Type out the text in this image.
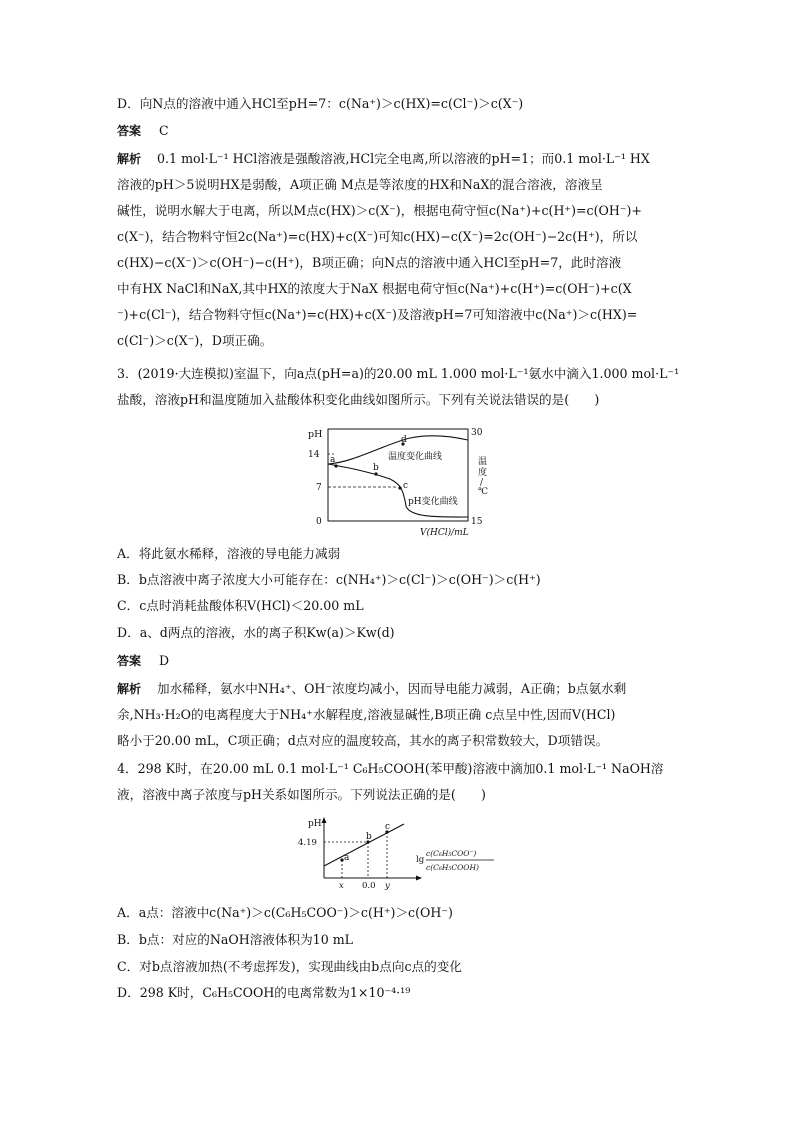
D．向N点的溶液中通入HCl至pH=7：c(Na⁺)＞c(HX)=c(Cl⁻)＞c(X⁻)
答案 C
解析 0.1 mol·L⁻¹ HCl溶液是强酸溶液,HCl完全电离,所以溶液的pH=1；而0.1 mol·L⁻¹ HX
溶液的pH＞5说明HX是弱酸，A项正确 M点是等浓度的HX和NaX的混合溶液，溶液呈
碱性，说明水解大于电离，所以M点c(HX)＞c(X⁻)，根据电荷守恒c(Na⁺)+c(H⁺)=c(OH⁻)+
c(X⁻)，结合物料守恒2c(Na⁺)=c(HX)+c(X⁻)可知c(HX)−c(X⁻)=2c(OH⁻)−2c(H⁺)，所以
c(HX)−c(X⁻)＞c(OH⁻)−c(H⁺)，B项正确；向N点的溶液中通入HCl至pH=7，此时溶液
中有HX NaCl和NaX,其中HX的浓度大于NaX 根据电荷守恒c(Na⁺)+c(H⁺)=c(OH⁻)+c(X
⁻)+c(Cl⁻)，结合物料守恒c(Na⁺)=c(HX)+c(X⁻)及溶液pH=7可知溶液中c(Na⁺)＞c(HX)=
c(Cl⁻)＞c(X⁻)，D项正确。
3．(2019·大连模拟)室温下，向a点(pH=a)的20.00 mL 1.000 mol·L⁻¹氨水中滴入1.000 mol·L⁻¹
盐酸，溶液pH和温度随加入盐酸体积变化曲线如图所示。下列有关说法错误的是(　　)
pH
14
7
0
30
15
温
度
/
℃
V(HCl)/mL
a
b
c
d
温度变化曲线
pH变化曲线
A．将此氨水稀释，溶液的导电能力减弱
B．b点溶液中离子浓度大小可能存在：c(NH₄⁺)＞c(Cl⁻)＞c(OH⁻)＞c(H⁺)
C．c点时消耗盐酸体积V(HCl)＜20.00 mL
D．a、d两点的溶液，水的离子积Kw(a)＞Kw(d)
答案 D
解析 加水稀释，氨水中NH₄⁺、OH⁻浓度均减小，因而导电能力减弱，A正确；b点氨水剩
余,NH₃·H₂O的电离程度大于NH₄⁺水解程度,溶液显碱性,B项正确 c点呈中性,因而V(HCl)
略小于20.00 mL，C项正确；d点对应的温度较高，其水的离子积常数较大，D项错误。
4．298 K时，在20.00 mL 0.1 mol·L⁻¹ C₆H₅COOH(苯甲酸)溶液中滴加0.1 mol·L⁻¹ NaOH溶
液，溶液中离子浓度与pH关系如图所示。下列说法正确的是(　　)
pH
4.19
a
b
c
x 0.0 y
lg
c(C₆H₅COO⁻)
c(C₆H₅COOH)
A．a点：溶液中c(Na⁺)＞c(C₆H₅COO⁻)＞c(H⁺)＞c(OH⁻)
B．b点：对应的NaOH溶液体积为10 mL
C．对b点溶液加热(不考虑挥发)，实现曲线由b点向c点的变化
D．298 K时，C₆H₅COOH的电离常数为1×10⁻⁴·¹⁹
